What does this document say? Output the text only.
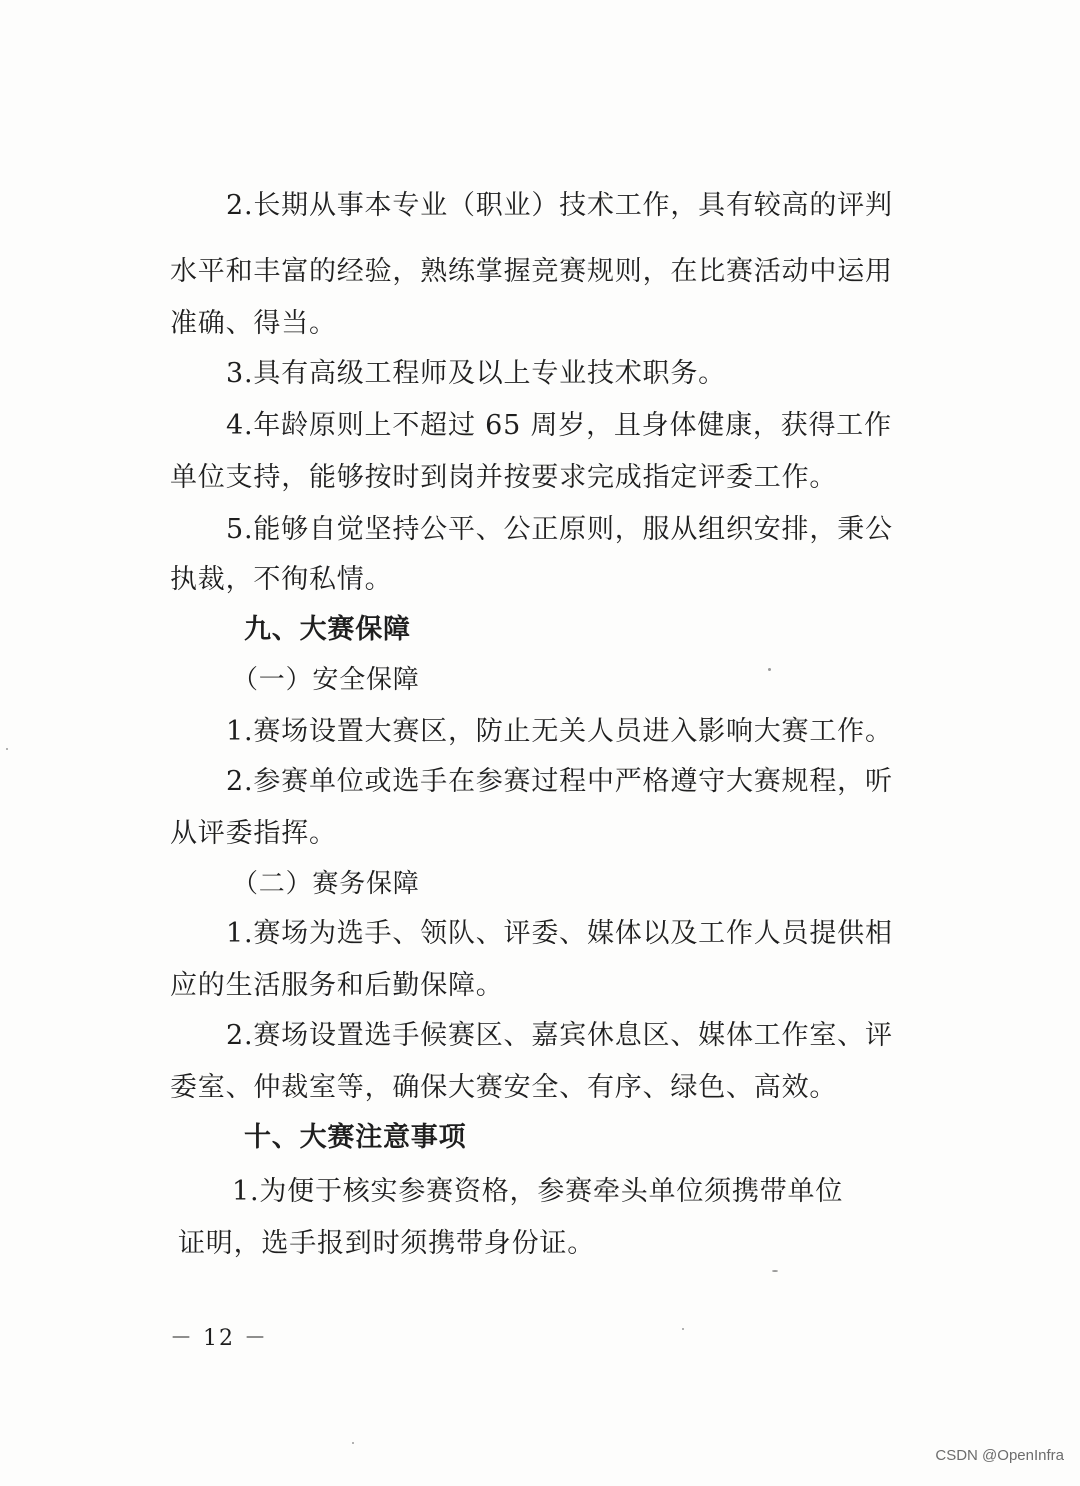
2.长期从事本专业（职业）技术工作，具有较高的评判
水平和丰富的经验，熟练掌握竞赛规则，在比赛活动中运用
准确、得当。
3.具有高级工程师及以上专业技术职务。
4.年龄原则上不超过 65 周岁，且身体健康，获得工作
单位支持，能够按时到岗并按要求完成指定评委工作。
5.能够自觉坚持公平、公正原则，服从组织安排，秉公
执裁，不徇私情。
九、大赛保障
（一）安全保障
1.赛场设置大赛区，防止无关人员进入影响大赛工作。
2.参赛单位或选手在参赛过程中严格遵守大赛规程，听
从评委指挥。
（二）赛务保障
1.赛场为选手、领队、评委、媒体以及工作人员提供相
应的生活服务和后勤保障。
2.赛场设置选手候赛区、嘉宾休息区、媒体工作室、评
委室、仲裁室等，确保大赛安全、有序、绿色、高效。
十、大赛注意事项
1.为便于核实参赛资格，参赛牵头单位须携带单位
证明，选手报到时须携带身份证。
－ 12 －
CSDN @OpenInfra
